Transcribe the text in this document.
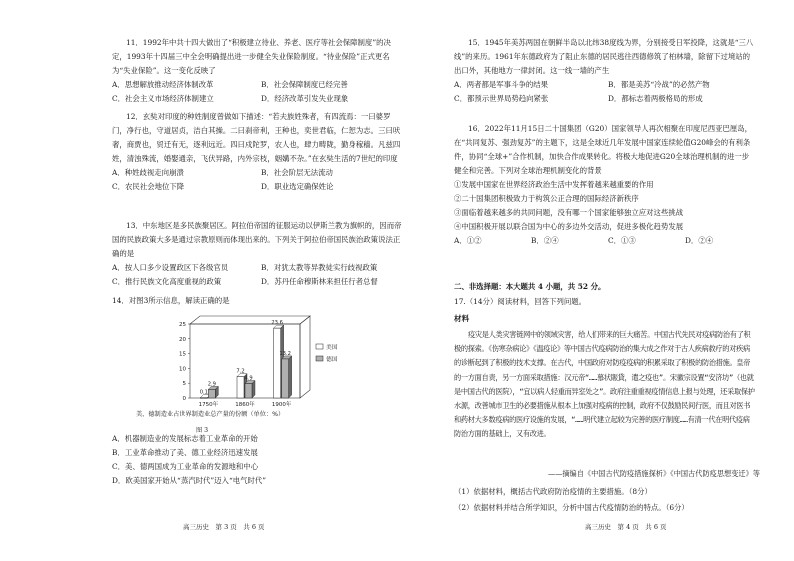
11．1992年中共十四大做出了“积极建立待业、养老、医疗等社会保障制度”的决定，1993年十四届三中全会明确提出进一步健全失业保险制度。“待业保险”正式更名为“失业保险”。这一变化反映了
A．思想解放推动经济体制改革	B．社会保障制度已经完善
C．社会主义市场经济体制建立	D．经济改革引发失业现象
12．玄奘对印度的种姓制度曾做如下描述：“若夫族姓殊者，有四流焉：一曰婆罗门，净行也，守道居贞，洁白其操。二曰刹帝利，王种也，奕世君临，仁恕为志。三曰吠奢，商贾也，贸迁有无，逐利远近。四曰戍陀罗，农人也，肆力畴陇，勤身稼穑。凡兹四姓，清浊殊流，婚娶通亲，飞伏异路，内外宗枝，姻媾不杂。”在玄奘生活的7世纪的印度
A．种姓歧视走向崩溃	B．社会阶层无法流动
C．农民社会地位下降	D．职业选定确保姓论
13．中东地区是多民族聚居区。阿拉伯帝国的征服运动以伊斯兰教为旗帜的，因而帝国的民族政策大多是通过宗教原则而体现出来的。下列关于阿拉伯帝国民族治政策说法正确的是
A．按人口多少设置政区下各级官员	B．对犹太教等异教徒实行歧视政策
C．推行民族文化高度重视的政策	D．苏丹任命穆斯林来担任行者总督
14．对图3所示信息，解读正确的是
0
5
10
15
20
25
0.1
2.9
7.2
4.9
23.6
13.2
1750年	1860年	1900年
美国
德国
美、德制造业占世界制造业总产量的份额（单位：%）
图 3
A．机器制造业的发展标志着工业革命的开始
B．工业革命推动了美、德工业经济迅速发展
C．美、德两国成为工业革命的发源地和中心
D．欧美国家开始从“蒸汽时代”迈入“电气时代”
高三历史　第 3 页　共 6 页
15．1945年美苏两国在朝鲜半岛以北纬38度线为界，分别接受日军投降，这就是“三八线”的来历。1961年东德政府为了阻止东德的居民逃往西德修筑了柏林墙，除留下过境站的出口外，其他地方一律封闭。这一线一墙的产生
A．两者都是军事斗争的结果	B．都是美苏“冷战”的必然产物
C．都预示世界局势趋向紧张	D．都标志着两极格局的形成
16．2022年11月15日二十国集团（G20）国家领导人再次相聚在印度尼西亚巴厘岛，在“共同复苏、强劲复苏”的主题下，这是全球近几年发展中国家连续轮值G20峰会的有利条件，协同“全球+”合作机制，加快合作成果转化。将极大地促进G20全球治理机制的进一步健全和完善。下列对全球治理机制变化的背景
①发展中国家在世界经济政治生活中发挥着越来越重要的作用
②二十国集团积极致力于构筑公正合理的国际经济新秩序
③面临着越来越多的共同问题，没有哪一个国家能够独立应对这些挑战
④中国积极开展以联合国为中心的多边外交活动，促进多极化趋势发展
A．①②	B．②④	C．①③	D．②④
二、非选择题：本大题共 4 小题，共 52 分。
17.（14分）阅读材料，回答下列问题。
材料
疫灾是人类灾害链网中的领域灾害，给人们带来的巨大痛苦。中国古代先民对疫病防治有了积极的探索。《伤寒杂病论》《温疫论》等中国古代疫病防治的集大成之作对于古人疾病救疗的对疾病的诊断起到了积极的技术支撑。在古代，中国政府对防疫疫病的积累采取了积极的防治措施。皇帝的一方面自责，另一方面采取措施：汉元帝“……慕状賑貸，遣之疫也”。宋徽宗设置“安济坊”（也就是中国古代的医院），“宜以病人轻重而异室处之”。政府注重重视疫情信息上报与处理，还采取保护水源，改善城市卫生的必要措施从根本上加强对疫病的控制，政府不仅鼓励民间行医，而且对医书和药材大多数疫病的医疗设施的发展，“……明代建立起较为完善的医疗制度……有清一代在明代疫病防治方面的基础上，又有改进。
——摘编自《中国古代防疫措施探析》《中国古代防疫思想变迁》等
（1）依据材料，概括古代政府防治疫情的主要措施。（8分）
（2）依据材料并结合所学知识，分析中国古代疫情防治的特点。（6分）
高三历史　第 4 页　共 6 页
